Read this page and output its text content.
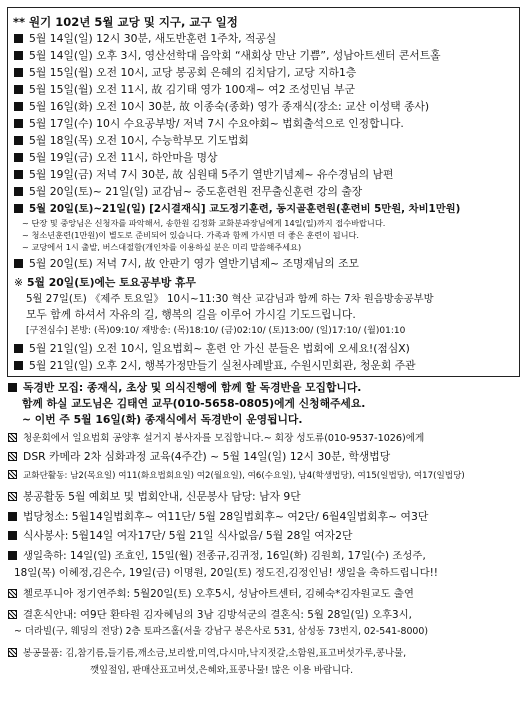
** 원기 102년 5월 교당 및 지구, 교구 일정
5월 14일(일) 12시 30분, 새도반훈련 1주차, 적공실
5월 14일(일) 오후 3시, 영산선학대 음악회 “새회상 만난 기쁨”, 성남아트센터 콘서트홀
5월 15일(월) 오전 10시, 교당 봉공회 은혜의 김치담기, 교당 지하1층
5월 15일(월) 오전 11시, 故 김기태 영가 100재~ 여2 조성민님 부군
5월 16일(화) 오전 10시 30분, 故 이종숙(종화) 영가 종재식(장소: 교산 이성택 종사)
5월 17일(수) 10시 수요공부방/ 저녁 7시 수요야회~ 법회출석으로 인정합니다.
5월 18일(목) 오전 10시, 수능학부모 기도법회
5월 19일(금) 오전 11시, 하안마을 명상
5월 19일(금) 저녁 7시 30분, 故 심원태 5주기 열반기념제~ 유수경님의 남편
5월 20일(토)~ 21일(일) 교감님~ 중도훈련원 전무출신훈련 강의 출장
5월 20일(토)~21일(일) [2시결재식] 교도정기훈련, 동지골훈련원(훈련비 5만원, 차비1만원)
~ 단장 및 중앙님은 신청자를 파악해서, 송한원 김정화 교화분과장님에게 14일(일)까지 접수바랍니다.
~ 청소년훈련(1만원)이 별도로 준비되어 있습니다. 가족과 함께 가시면 더 좋은 훈련이 됩니다.
~ 교당에서 1시 출발, 버스대절함(개인차를 이용하실 분은 미리 말씀해주세요)
5월 20일(토) 저녁 7시, 故 안판기 영가 열반기념제~ 조명재님의 조모
※ 5월 20일(토)에는 토요공부방 휴무
5월 27일(토) 《제주 토요일》 10시~11:30 혁산 교감님과 함께 하는 7차 원음방송공부방
모두 함께 하셔서 자유의 길, 행복의 길을 이루어 가시길 기도드립니다.
[구전심수] 본방: (목)09:10/ 재방송: (목)18:10/ (금)02:10/ (토)13:00/ (일)17:10/ (월)01:10
5월 21일(일) 오전 10시, 일요법회~ 훈련 안 가신 분들은 법회에 오세요!(점심X)
5월 21일(일) 오후 2시, 행복가정만들기 실천사례발표, 수원시민회관, 청운회 주관
독경반 모집: 종재식, 초상 및 의식진행에 함께 할 독경반을 모집합니다.
함께 하실 교도님은 김태연 교무(010-5658-0805)에게 신청해주세요.
~ 이번 주 5월 16일(화) 종재식에서 독경반이 운영됩니다.
청운회에서 일요법회 공양후 설거지 봉사자를 모집합니다.~ 회장 성도류(010-9537-1026)에게
DSR 카메라 2차 심화과정 교육(4주간) ~ 5월 14일(일) 12시 30분, 학생법당
교화단활동: 남2(목요일) 여11(화요법회요일) 여2(월요일), 여6(수요일), 남4(학생법당), 여15(일법당), 여17(일법당)
봉공활동 5월 예회보 및 법회안내, 신문봉사 담당: 남자 9단
법당청소: 5월14일법회후~ 여11단/ 5월 28일법회후~ 여2단/ 6월4일법회후~ 여3단
식사봉사: 5월14일 여자17단/ 5월 21일 식사없음/ 5월 28일 여자2단
생일축하: 14일(일) 조효인, 15일(월) 전종규,김귀정, 16일(화) 김원회, 17일(수) 조성주,
18일(목) 이혜정,김은수, 19일(금) 이명원, 20일(토) 정도진,김정인님! 생일을 축하드립니다!!
첼로푸니아 정기연주회: 5월20일(토) 오후5시, 성남아트센터, 김혜숙*김자원교도 출연
결혼식안내: 여9단 환타원 김자혜님의 3남 김방석군의 결혼식: 5월 28일(일) 오후3시,
~ 더라빌(구, 웨딩의 전당) 2층 토파즈홀(서울 강남구 봉은사로 531, 삼성동 73번지, 02-541-8000)
봉공물품: 김,참기름,들기름,깨소금,보리쌀,미역,다시마,낙지젓갈,소함원,표고버섯가루,콩나물,
깻잎절임, 판매산표고버섯,은혜와,표콩나물! 많은 이용 바랍니다.
